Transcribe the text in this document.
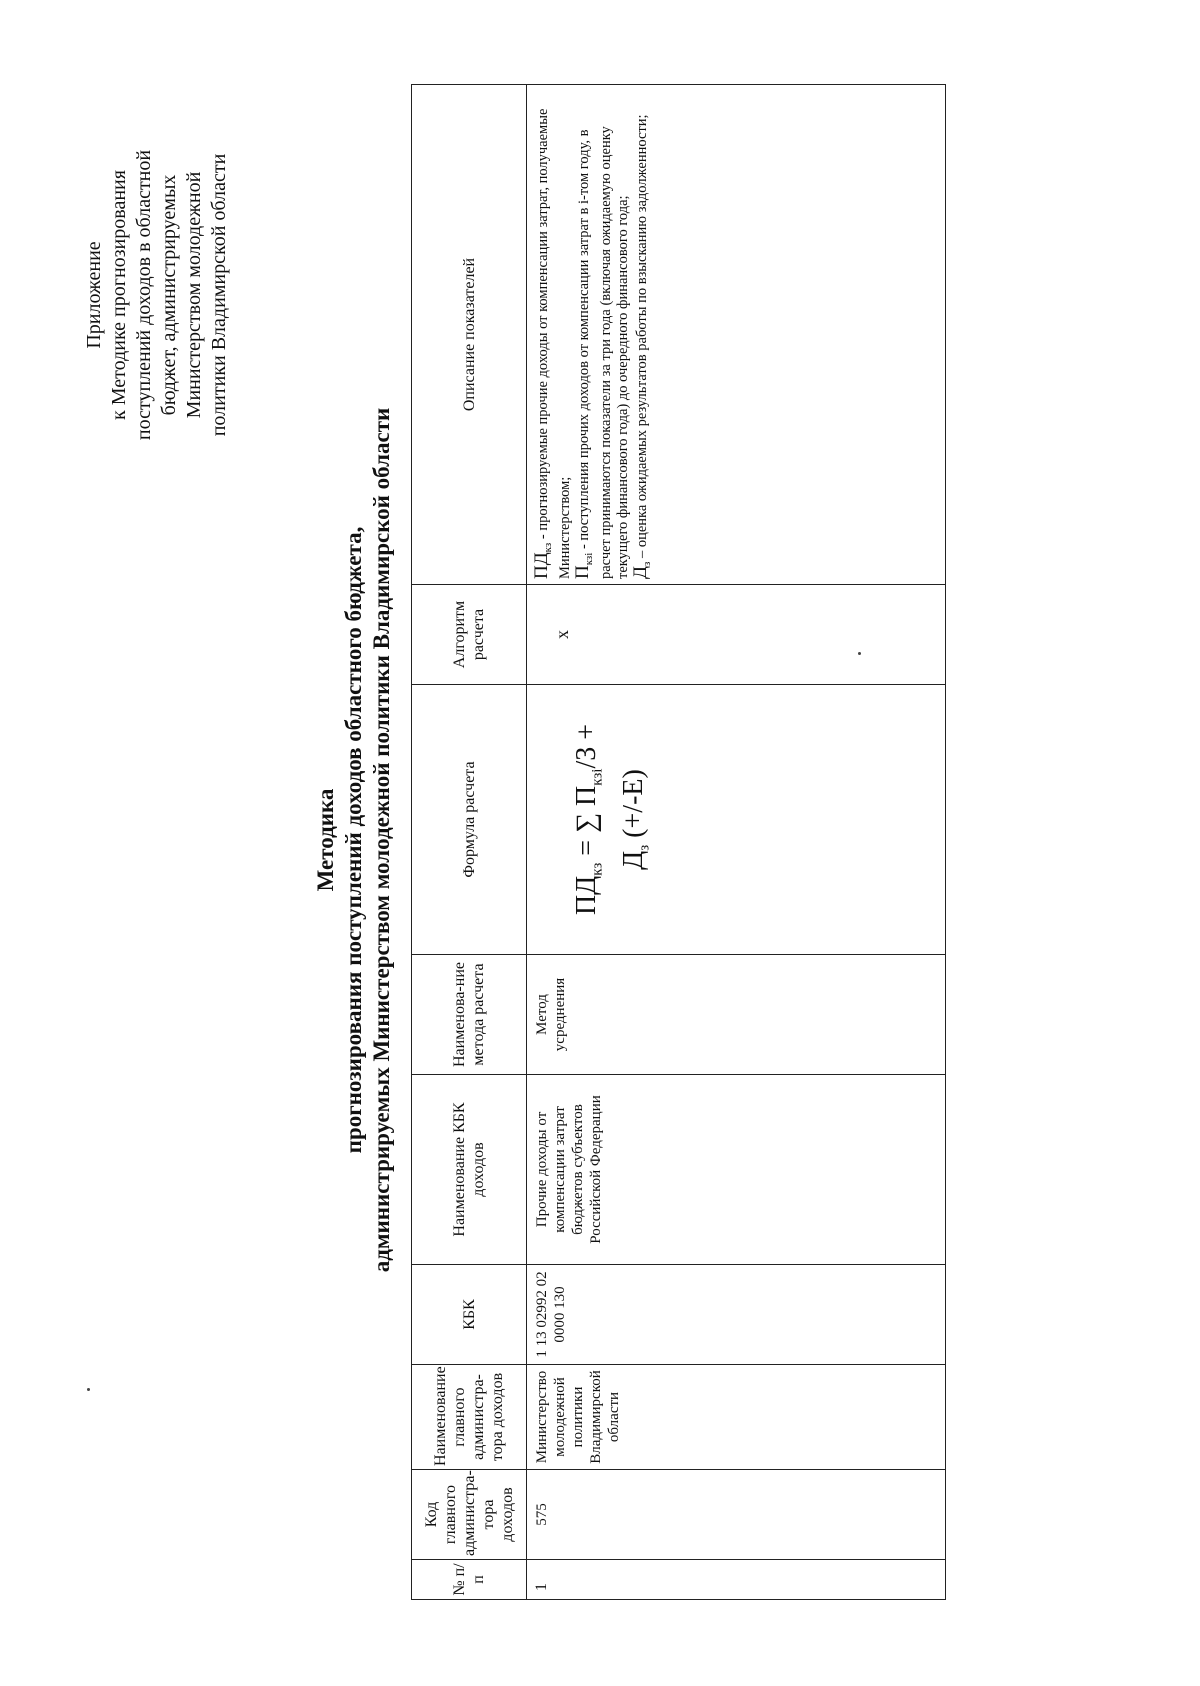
Приложение к Методике прогнозирования поступлений доходов в областной бюджет, администрируемых Министерством молодежной политики Владимирской области
Методика прогнозирования поступлений доходов областного бюджета, администрируемых Министерством молодежной политики Владимирской области
№ п/п	Код главного администра-тора доходов	Наименование главного администра-тора доходов	КБК	Наименование КБК доходов	Наименова-ние метода расчета	Формула расчета	Алгоритм расчета	Описание показателей
1	575	Министерство молодежной политики Владимирской области	1 13 02992 02 0000 130	Прочие доходы от компенсации затрат бюджетов субъектов Российской Федерации	Метод усреднения	$ПД_{кз}$ = ∑ $П_{кзi}/3$ +
$Д_з$ (+/-Е)	х	$ПД_{кз}$ - прогнозируемые прочие доходы от компенсации затрат, получаемые Министерством; $П_{кзi}$ - поступления прочих доходов от компенсации затрат в i-том году, в расчет принимаются показатели за три года (включая ожидаемую оценку текущего финансового года) до очередного финансового года; $Д_з$ – оценка ожидаемых результатов работы по взысканию задолженности;
